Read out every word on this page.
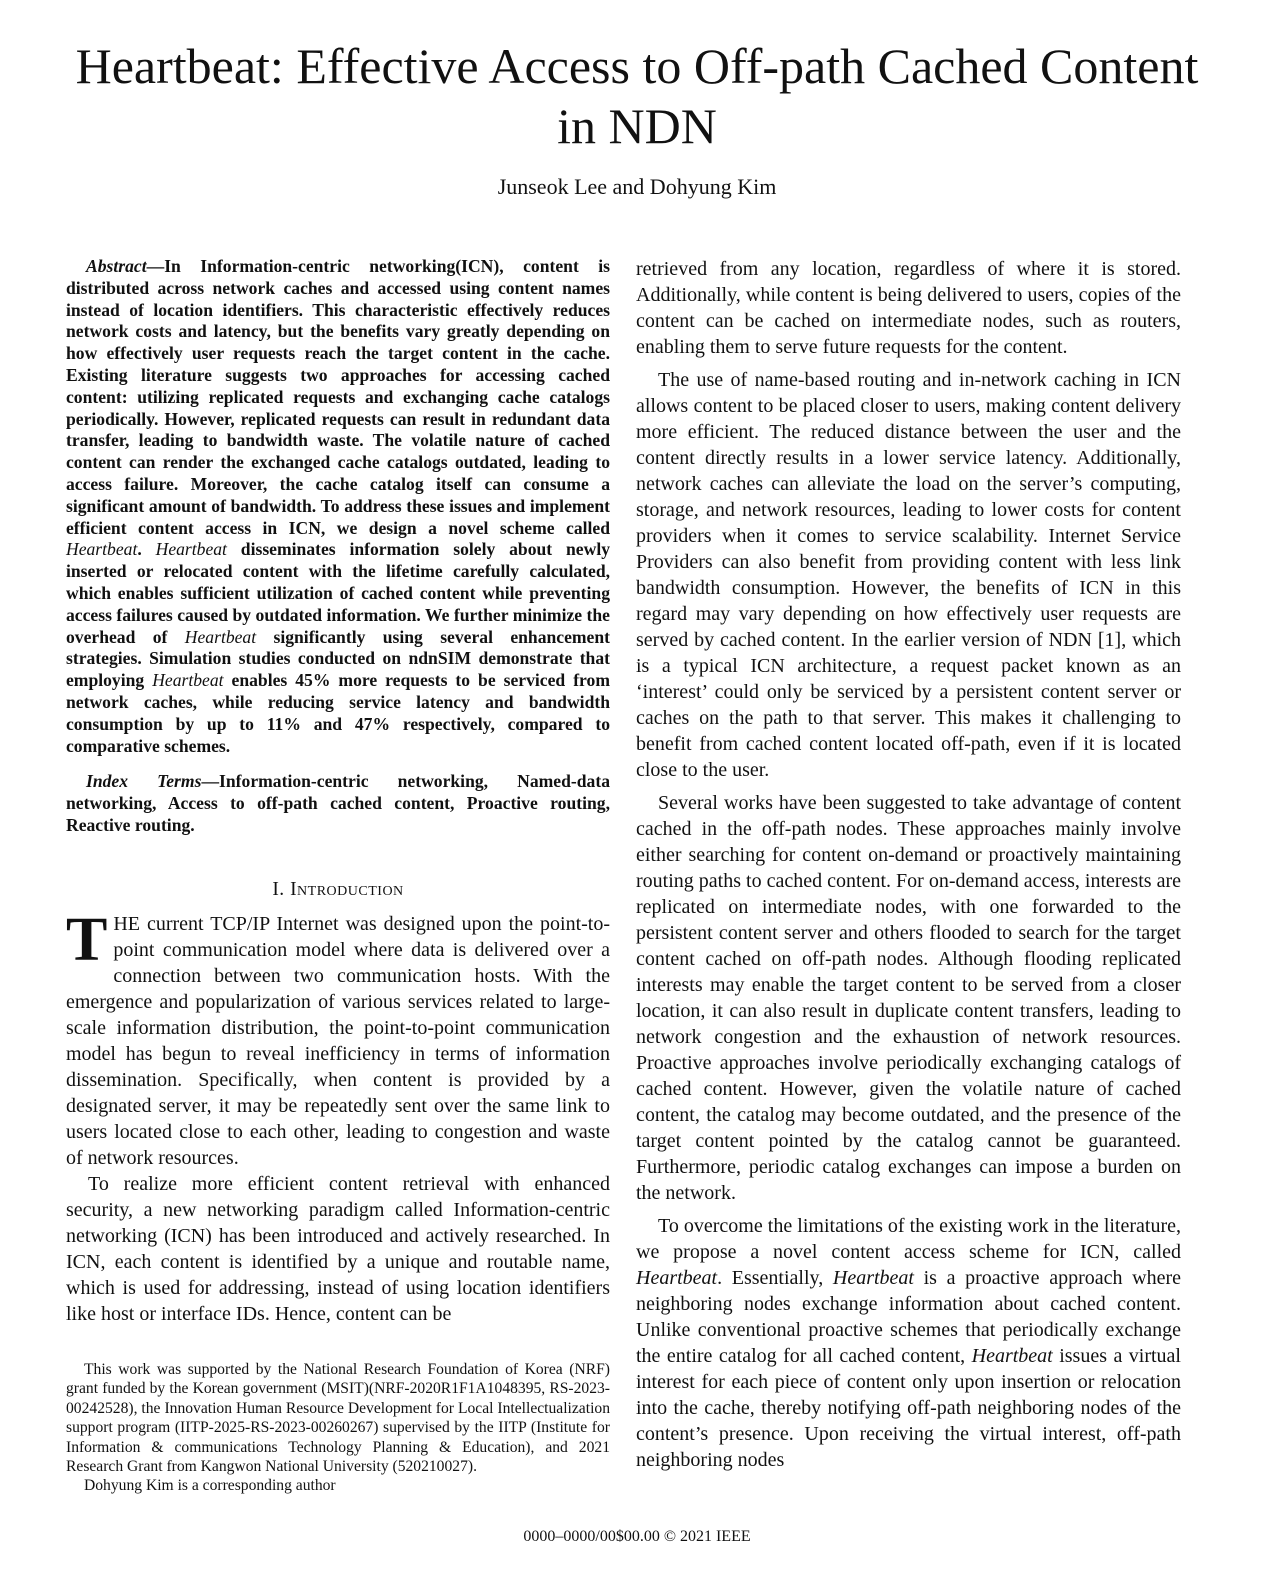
Heartbeat: Effective Access to Off-path Cached Content in NDN
Junseok Lee and Dohyung Kim

Abstract—In Information-centric networking(ICN), content is distributed across network caches and accessed using content names instead of location identifiers. This characteristic effectively reduces network costs and latency, but the benefits vary greatly depending on how effectively user requests reach the target content in the cache. Existing literature suggests two approaches for accessing cached content: utilizing replicated requests and exchanging cache catalogs periodically. However, replicated requests can result in redundant data transfer, leading to bandwidth waste. The volatile nature of cached content can render the exchanged cache catalogs outdated, leading to access failure. Moreover, the cache catalog itself can consume a significant amount of bandwidth. To address these issues and implement efficient content access in ICN, we design a novel scheme called Heartbeat. Heartbeat disseminates information solely about newly inserted or relocated content with the lifetime carefully calculated, which enables sufficient utilization of cached content while preventing access failures caused by outdated information. We further minimize the overhead of Heartbeat significantly using several enhancement strategies. Simulation studies conducted on ndnSIM demonstrate that employing Heartbeat enables 45% more requests to be serviced from network caches, while reducing service latency and bandwidth consumption by up to 11% and 47% respectively, compared to comparative schemes.

Index Terms—Information-centric networking, Named-data networking, Access to off-path cached content, Proactive routing, Reactive routing.

I. Introduction

THE current TCP/IP Internet was designed upon the point-to-point communication model where data is delivered over a connection between two communication hosts. With the emergence and popularization of various services related to large-scale information distribution, the point-to-point communication model has begun to reveal inefficiency in terms of information dissemination. Specifically, when content is provided by a designated server, it may be repeatedly sent over the same link to users located close to each other, leading to congestion and waste of network resources.

To realize more efficient content retrieval with enhanced security, a new networking paradigm called Information-centric networking (ICN) has been introduced and actively researched. In ICN, each content is identified by a unique and routable name, which is used for addressing, instead of using location identifiers like host or interface IDs. Hence, content can be

retrieved from any location, regardless of where it is stored. Additionally, while content is being delivered to users, copies of the content can be cached on intermediate nodes, such as routers, enabling them to serve future requests for the content.

The use of name-based routing and in-network caching in ICN allows content to be placed closer to users, making content delivery more efficient. The reduced distance between the user and the content directly results in a lower service latency. Additionally, network caches can alleviate the load on the server’s computing, storage, and network resources, leading to lower costs for content providers when it comes to service scalability. Internet Service Providers can also benefit from providing content with less link bandwidth consumption. However, the benefits of ICN in this regard may vary depending on how effectively user requests are served by cached content. In the earlier version of NDN [1], which is a typical ICN architecture, a request packet known as an ‘interest’ could only be serviced by a persistent content server or caches on the path to that server. This makes it challenging to benefit from cached content located off-path, even if it is located close to the user.

Several works have been suggested to take advantage of content cached in the off-path nodes. These approaches mainly involve either searching for content on-demand or proactively maintaining routing paths to cached content. For on-demand access, interests are replicated on intermediate nodes, with one forwarded to the persistent content server and others flooded to search for the target content cached on off-path nodes. Although flooding replicated interests may enable the target content to be served from a closer location, it can also result in duplicate content transfers, leading to network congestion and the exhaustion of network resources. Proactive approaches involve periodically exchanging catalogs of cached content. However, given the volatile nature of cached content, the catalog may become outdated, and the presence of the target content pointed by the catalog cannot be guaranteed. Furthermore, periodic catalog exchanges can impose a burden on the network.

To overcome the limitations of the existing work in the literature, we propose a novel content access scheme for ICN, called Heartbeat. Essentially, Heartbeat is a proactive approach where neighboring nodes exchange information about cached content. Unlike conventional proactive schemes that periodically exchange the entire catalog for all cached content, Heartbeat issues a virtual interest for each piece of content only upon insertion or relocation into the cache, thereby notifying off-path neighboring nodes of the content’s presence. Upon receiving the virtual interest, off-path neighboring nodes

This work was supported by the National Research Foundation of Korea (NRF) grant funded by the Korean government (MSIT)(NRF-2020R1F1A1048395, RS-2023-00242528), the Innovation Human Resource Development for Local Intellectualization support program (IITP-2025-RS-2023-00260267) supervised by the IITP (Institute for Information & communications Technology Planning & Education), and 2021 Research Grant from Kangwon National University (520210027).

Dohyung Kim is a corresponding author

0000–0000/00$00.00 © 2021 IEEE
